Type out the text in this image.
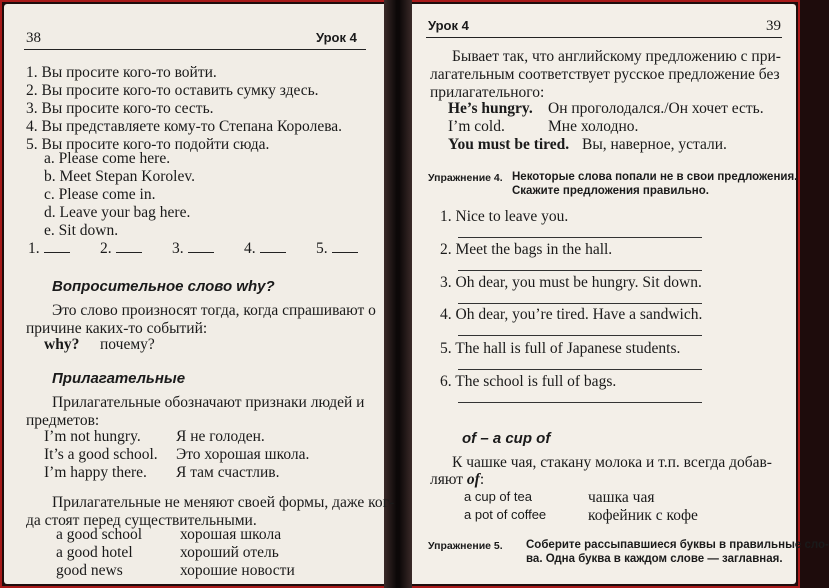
38	Урок 4
1. Вы просите кого-то войти.
2. Вы просите кого-то оставить сумку здесь.
3. Вы просите кого-то сесть.
4. Вы представляете кому-то Степана Королева.
5. Вы просите кого-то подойти сюда.
a. Please come here.
b. Meet Stepan Korolev.
c. Please come in.
d. Leave your bag here.
e. Sit down.
1.	2.	3.	4.	5.
Вопросительное слово why?
Это слово произносят тогда, когда спрашивают о
причине каких-то событий:
why? почему?
Прилагательные
Прилагательные обозначают признаки людей и
предметов:
I’m not hungry. Я не голоден.
It’s a good school. Это хорошая школа.
I’m happy there. Я там счастлив.
Прилагательные не меняют своей формы, даже ког-
да стоят перед существительными.
a good school хорошая школа
a good hotel	хороший отель
good news	хорошие новости
Урок 4	39
Бывает так, что английскому предложению с при-
лагательным соответствует русское предложение без
прилагательного:
He’s hungry. Он проголодался./Он хочет есть.
I’m cold.	Мне холодно.
You must be tired. Вы, наверное, устали.
Упражнение 4. Некоторые слова попали не в свои предложения.
Скажите предложения правильно.
1. Nice to leave you.
2. Meet the bags in the hall.
3. Oh dear, you must be hungry. Sit down.
4. Oh dear, you’re tired. Have a sandwich.
5. The hall is full of Japanese students.
6. The school is full of bags.
of – a cup of
К чашке чая, стакану молока и т.п. всегда добав-
ляют of:
a cup of tea	чашка чая
a pot of coffee	кофейник с кофе
Упражнение 5. Соберите рассыпавшиеся буквы в правильные сло-
ва. Одна буква в каждом слове — заглавная.
